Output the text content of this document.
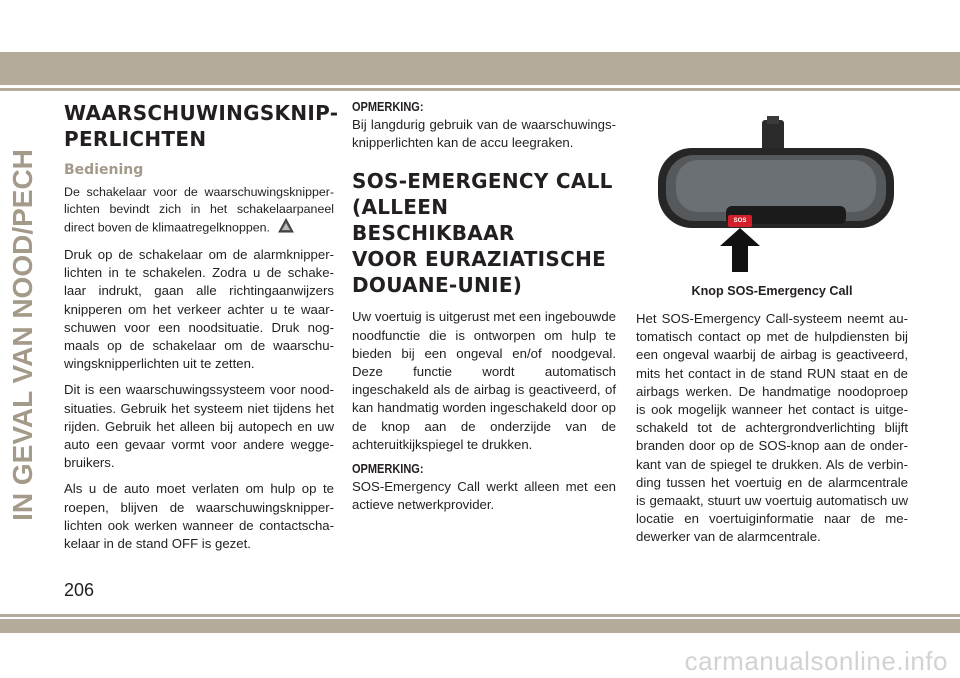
IN GEVAL VAN NOOD/PECH
WAARSCHUWINGSKNIP-
PERLICHTEN
Bediening

De schakelaar voor de waarschuwingsknipper-lichten bevindt zich in het schakelaarpaneel direct boven de klimaatregelknoppen.

Druk op de schakelaar om de alarmknipper-lichten in te schakelen. Zodra u de schake-laar indrukt, gaan alle richtingaanwijzers knipperen om het verkeer achter u te waar-schuwen voor een noodsituatie. Druk nog-maals op de schakelaar om de waarschu-wingsknipperlichten uit te zetten.

Dit is een waarschuwingssysteem voor nood-situaties. Gebruik het systeem niet tijdens het rijden. Gebruik het alleen bij autopech en uw auto een gevaar vormt voor andere wegge-bruikers.

Als u de auto moet verlaten om hulp op te roepen, blijven de waarschuwingsknipper-lichten ook werken wanneer de contactscha-kelaar in de stand OFF is gezet.

OPMERKING:

Bij langdurig gebruik van de waarschuwings-knipperlichten kan de accu leegraken.

SOS-EMERGENCY CALL
(ALLEEN BESCHIKBAAR
VOOR EURAZIATISCHE
DOUANE-UNIE)

Uw voertuig is uitgerust met een ingebouwde noodfunctie die is ontworpen om hulp te bieden bij een ongeval en/of noodgeval. Deze functie wordt automatisch ingeschakeld als de airbag is geactiveerd, of kan handmatig worden ingeschakeld door op de knop aan de onderzijde van de achteruitkijkspiegel te drukken.

OPMERKING:

SOS-Emergency Call werkt alleen met een actieve netwerkprovider.

SOS
Knop SOS-Emergency Call

Het SOS-Emergency Call-systeem neemt au-tomatisch contact op met de hulpdiensten bij een ongeval waarbij de airbag is geactiveerd, mits het contact in de stand RUN staat en de airbags werken. De handmatige noodoproep is ook mogelijk wanneer het contact is uitge-schakeld tot de achtergrondverlichting blijft branden door op de SOS-knop aan de onder-kant van de spiegel te drukken. Als de verbin-ding tussen het voertuig en de alarmcentrale is gemaakt, stuurt uw voertuig automatisch uw locatie en voertuiginformatie naar de me-dewerker van de alarmcentrale.

206
carmanualsonline.info
